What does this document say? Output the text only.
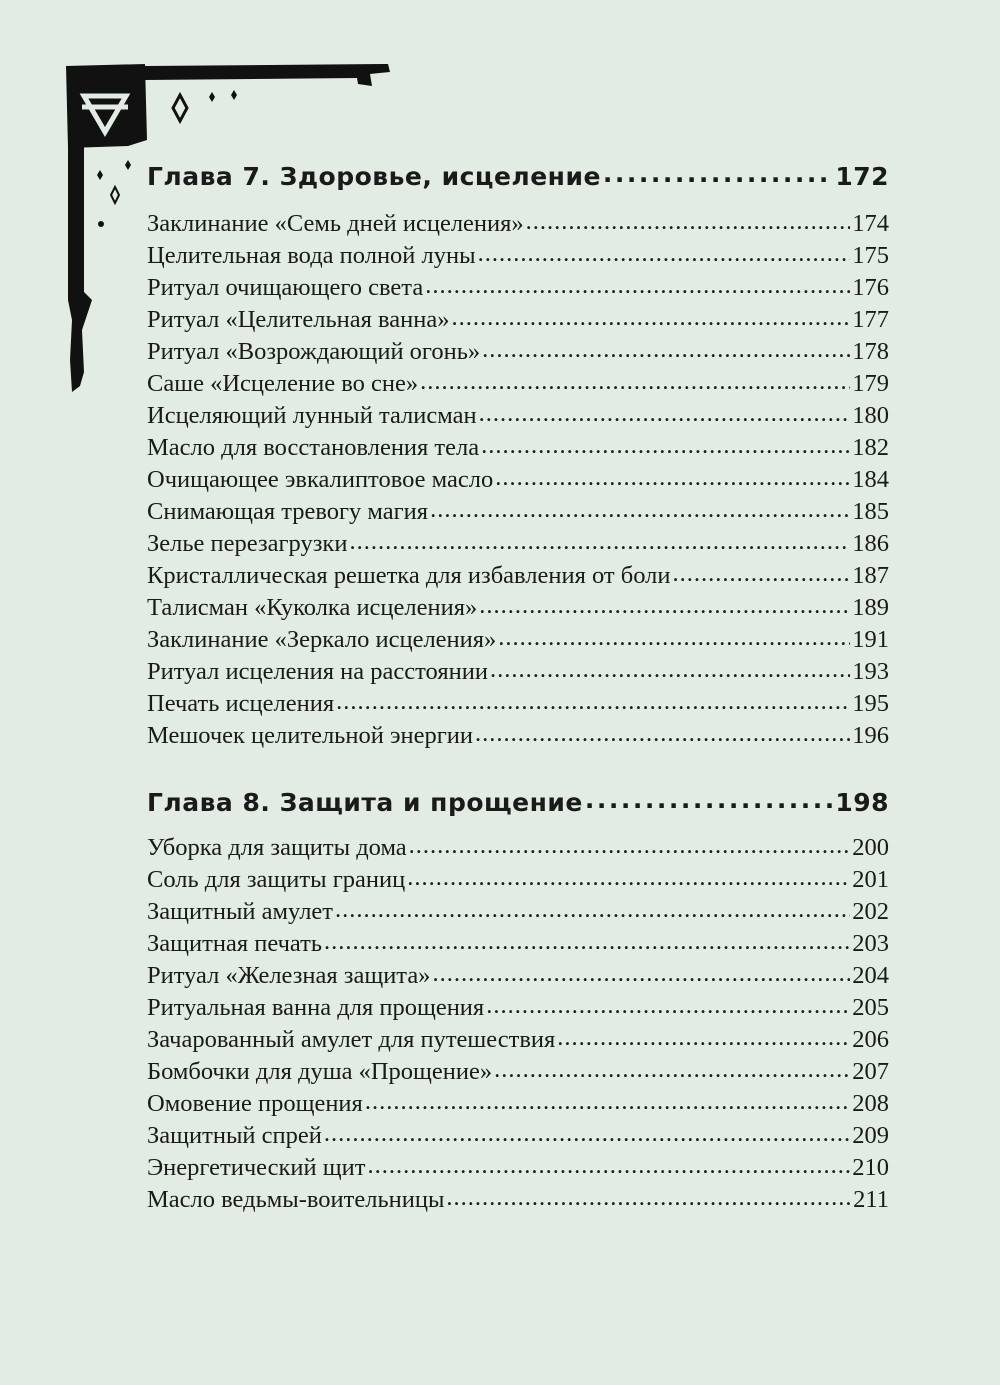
Глава 7. Здоровье, исцеление .....	172
Заклинание «Семь дней исцеления» .....	174
Целительная вода полной луны .....	175
Ритуал очищающего света .....	176
Ритуал «Целительная ванна» .....	177
Ритуал «Возрождающий огонь» .....	178
Саше «Исцеление во сне» .....	179
Исцеляющий лунный талисман .....	180
Масло для восстановления тела .....	182
Очищающее эвкалиптовое масло .....	184
Снимающая тревогу магия .....	185
Зелье перезагрузки .....	186
Кристаллическая решетка для избавления от боли .....	187
Талисман «Куколка исцеления» .....	189
Заклинание «Зеркало исцеления» .....	191
Ритуал исцеления на расстоянии .....	193
Печать исцеления .....	195
Мешочек целительной энергии .....	196
Глава 8. Защита и прощение .....	198
Уборка для защиты дома .....	200
Соль для защиты границ .....	201
Защитный амулет .....	202
Защитная печать .....	203
Ритуал «Железная защита» .....	204
Ритуальная ванна для прощения .....	205
Зачарованный амулет для путешествия .....	206
Бомбочки для душа «Прощение» .....	207
Омовение прощения .....	208
Защитный спрей .....	209
Энергетический щит .....	210
Масло ведьмы-воительницы .....	211
